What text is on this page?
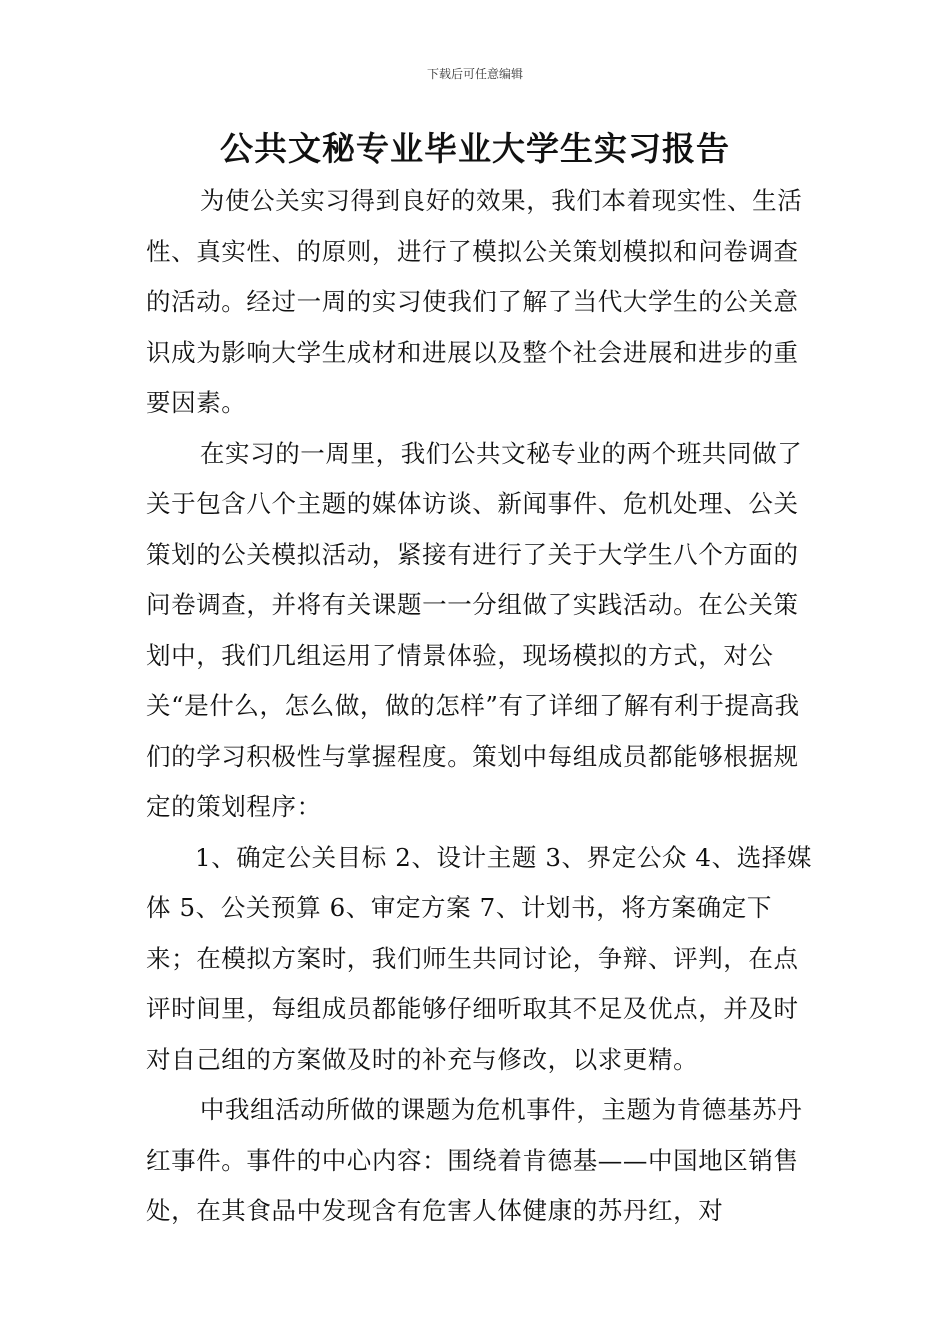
下载后可任意编辑
公共文秘专业毕业大学生实习报告

为使公关实习得到良好的效果，我们本着现实性、生活性、真实性、的原则，进行了模拟公关策划模拟和问卷调查的活动。经过一周的实习使我们了解了当代大学生的公关意识成为影响大学生成材和进展以及整个社会进展和进步的重要因素。

在实习的一周里，我们公共文秘专业的两个班共同做了关于包含八个主题的媒体访谈、新闻事件、危机处理、公关策划的公关模拟活动，紧接有进行了关于大学生八个方面的问卷调查，并将有关课题一一分组做了实践活动。在公关策划中，我们几组运用了情景体验，现场模拟的方式，对公关“是什么，怎么做，做的怎样”有了详细了解有利于提高我们的学习积极性与掌握程度。策划中每组成员都能够根据规定的策划程序：

1、确定公关目标 2、设计主题 3、界定公众 4、选择媒体 5、公关预算 6、审定方案 7、计划书，将方案确定下来；在模拟方案时，我们师生共同讨论，争辩、评判，在点评时间里，每组成员都能够仔细听取其不足及优点，并及时对自己组的方案做及时的补充与修改，以求更精。

中我组活动所做的课题为危机事件，主题为肯德基苏丹红事件。事件的中心内容：围绕着肯德基——中国地区销售处，在其食品中发现含有危害人体健康的苏丹红，对
